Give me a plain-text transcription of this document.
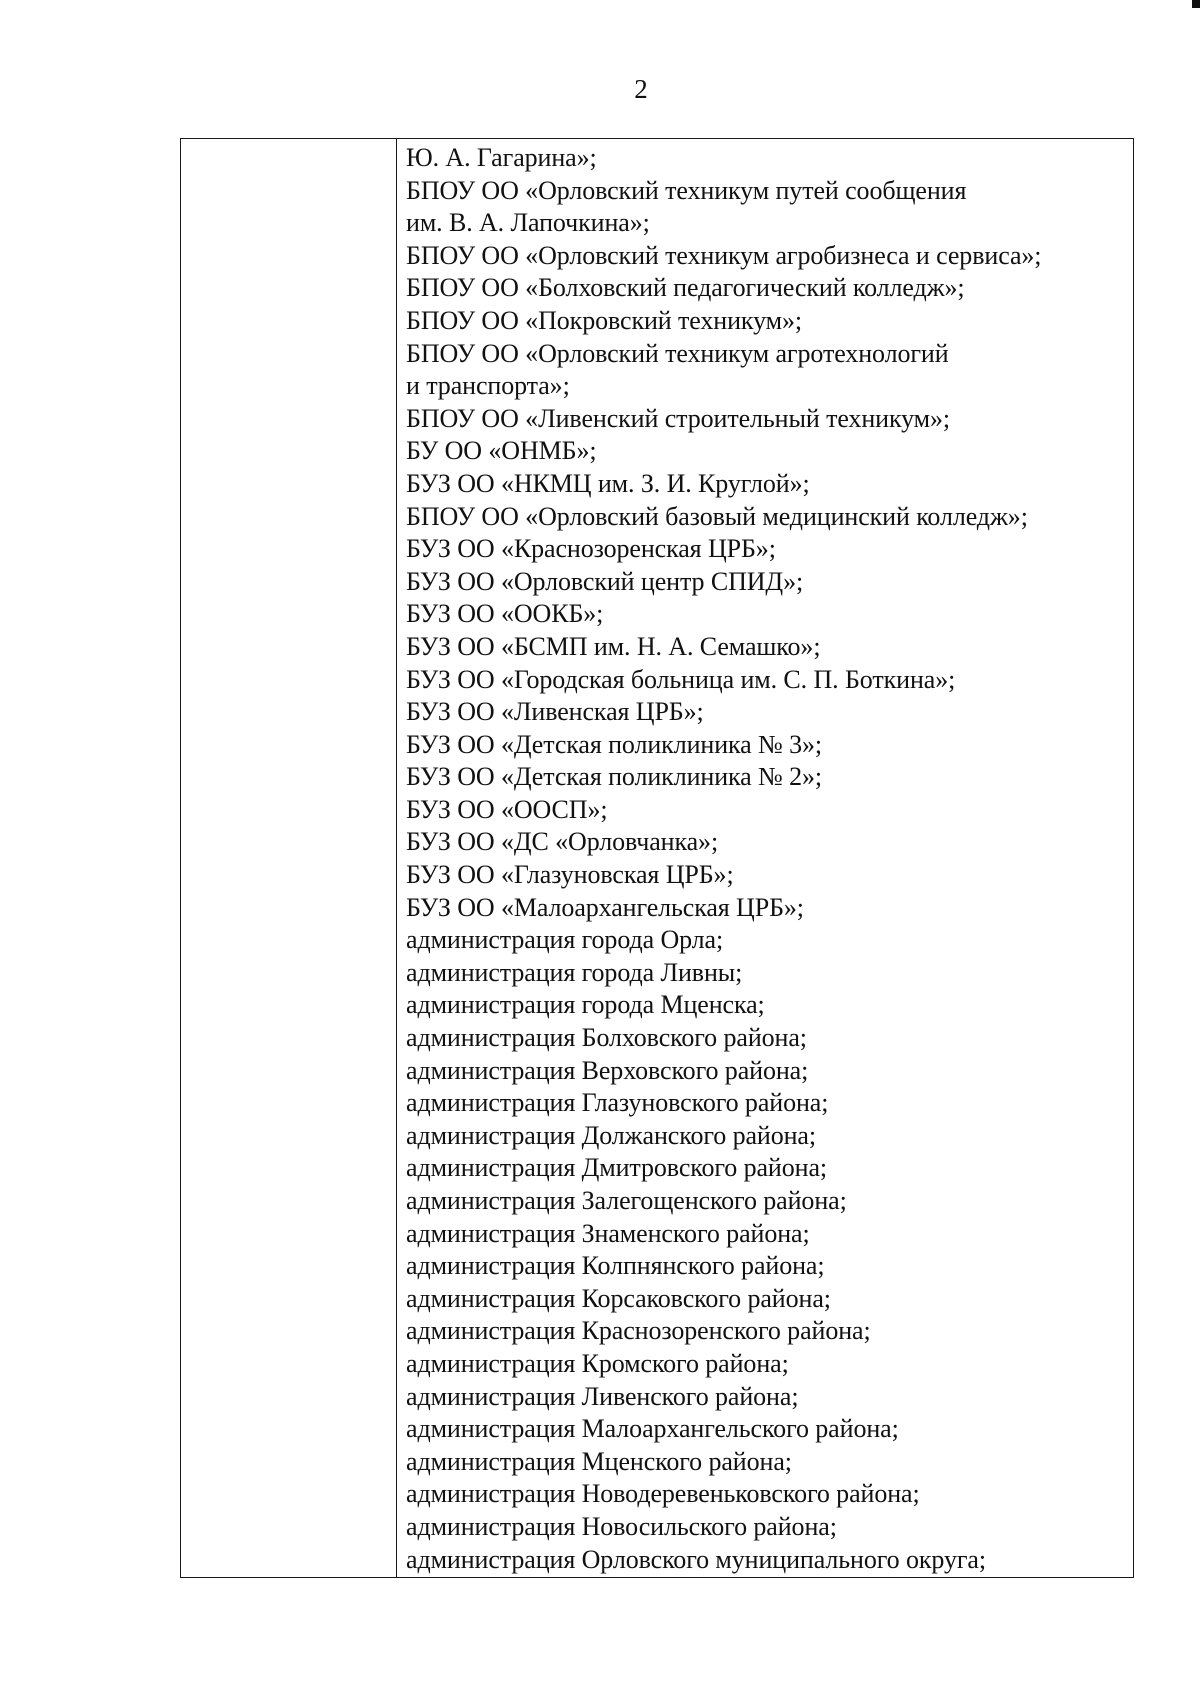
2

Ю. А. Гагарина»;
БПОУ ОО «Орловский техникум путей сообщения
им. В. А. Лапочкина»;
БПОУ ОО «Орловский техникум агробизнеса и сервиса»;
БПОУ ОО «Болховский педагогический колледж»;
БПОУ ОО «Покровский техникум»;
БПОУ ОО «Орловский техникум агротехнологий
и транспорта»;
БПОУ ОО «Ливенский строительный техникум»;
БУ ОО «ОНМБ»;
БУЗ ОО «НКМЦ им. З. И. Круглой»;
БПОУ ОО «Орловский базовый медицинский колледж»;
БУЗ ОО «Краснозоренская ЦРБ»;
БУЗ ОО «Орловский центр СПИД»;
БУЗ ОО «ООКБ»;
БУЗ ОО «БСМП им. Н. А. Семашко»;
БУЗ ОО «Городская больница им. С. П. Боткина»;
БУЗ ОО «Ливенская ЦРБ»;
БУЗ ОО «Детская поликлиника № 3»;
БУЗ ОО «Детская поликлиника № 2»;
БУЗ ОО «ООСП»;
БУЗ ОО «ДС «Орловчанка»;
БУЗ ОО «Глазуновская ЦРБ»;
БУЗ ОО «Малоархангельская ЦРБ»;
администрация города Орла;
администрация города Ливны;
администрация города Мценска;
администрация Болховского района;
администрация Верховского района;
администрация Глазуновского района;
администрация Должанского района;
администрация Дмитровского района;
администрация Залегощенского района;
администрация Знаменского района;
администрация Колпнянского района;
администрация Корсаковского района;
администрация Краснозоренского района;
администрация Кромского района;
администрация Ливенского района;
администрация Малоархангельского района;
администрация Мценского района;
администрация Новодеревеньковского района;
администрация Новосильского района;
администрация Орловского муниципального округа;
